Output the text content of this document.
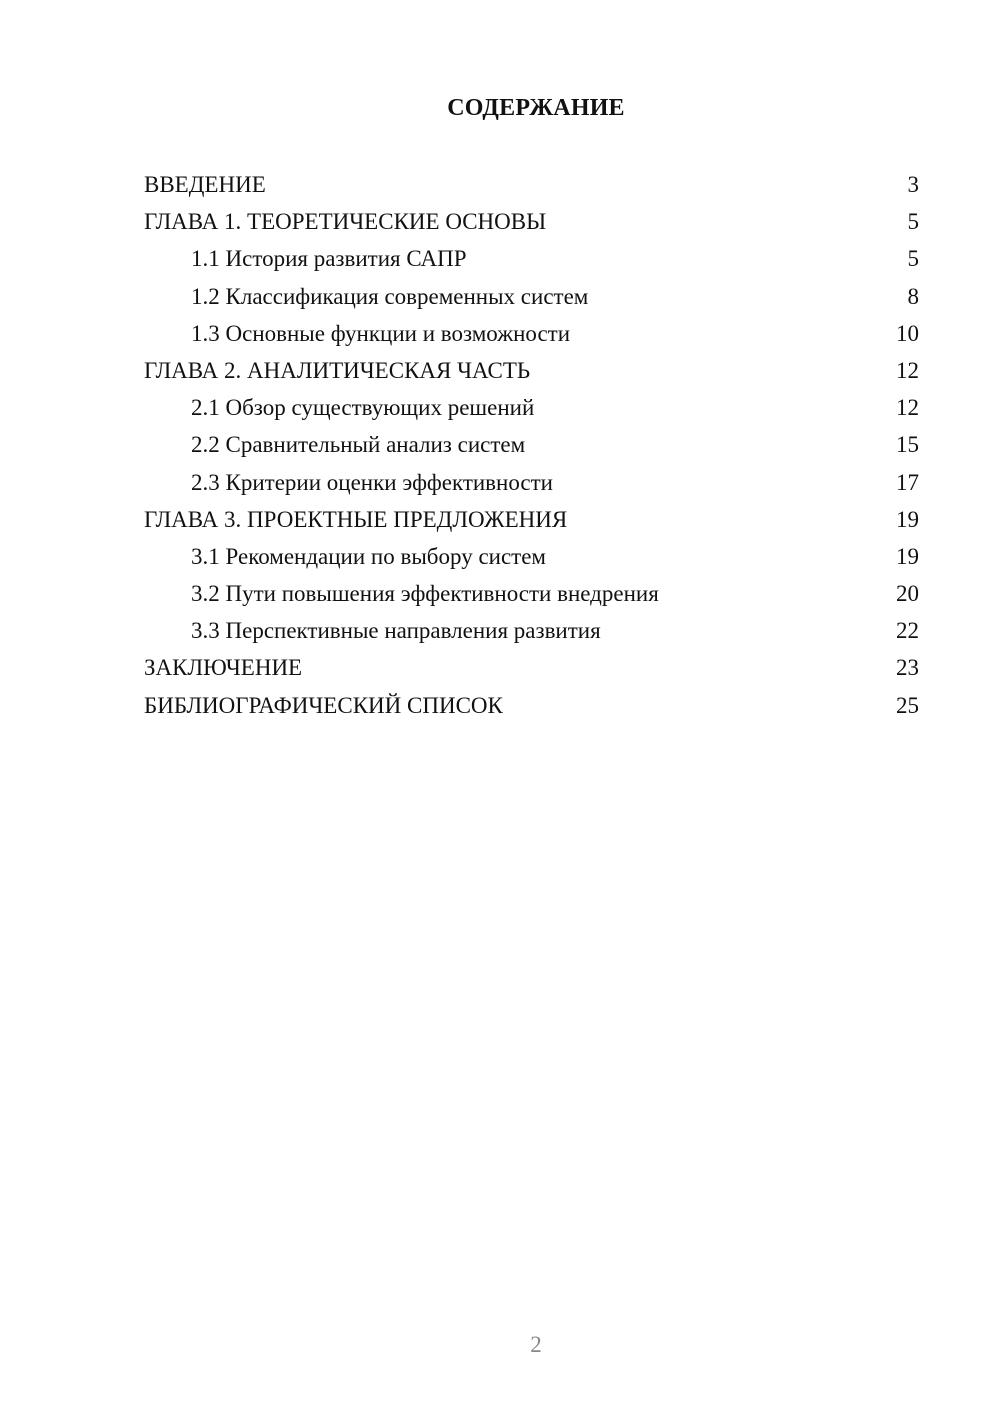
СОДЕРЖАНИЕ
ВВЕДЕНИЕ	3
ГЛАВА 1. ТЕОРЕТИЧЕСКИЕ ОСНОВЫ	5
1.1 История развития САПР	5
1.2 Классификация современных систем	8
1.3 Основные функции и возможности	10
ГЛАВА 2. АНАЛИТИЧЕСКАЯ ЧАСТЬ	12
2.1 Обзор существующих решений	12
2.2 Сравнительный анализ систем	15
2.3 Критерии оценки эффективности	17
ГЛАВА 3. ПРОЕКТНЫЕ ПРЕДЛОЖЕНИЯ	19
3.1 Рекомендации по выбору систем	19
3.2 Пути повышения эффективности внедрения	20
3.3 Перспективные направления развития	22
ЗАКЛЮЧЕНИЕ	23
БИБЛИОГРАФИЧЕСКИЙ СПИСОК	25
2
